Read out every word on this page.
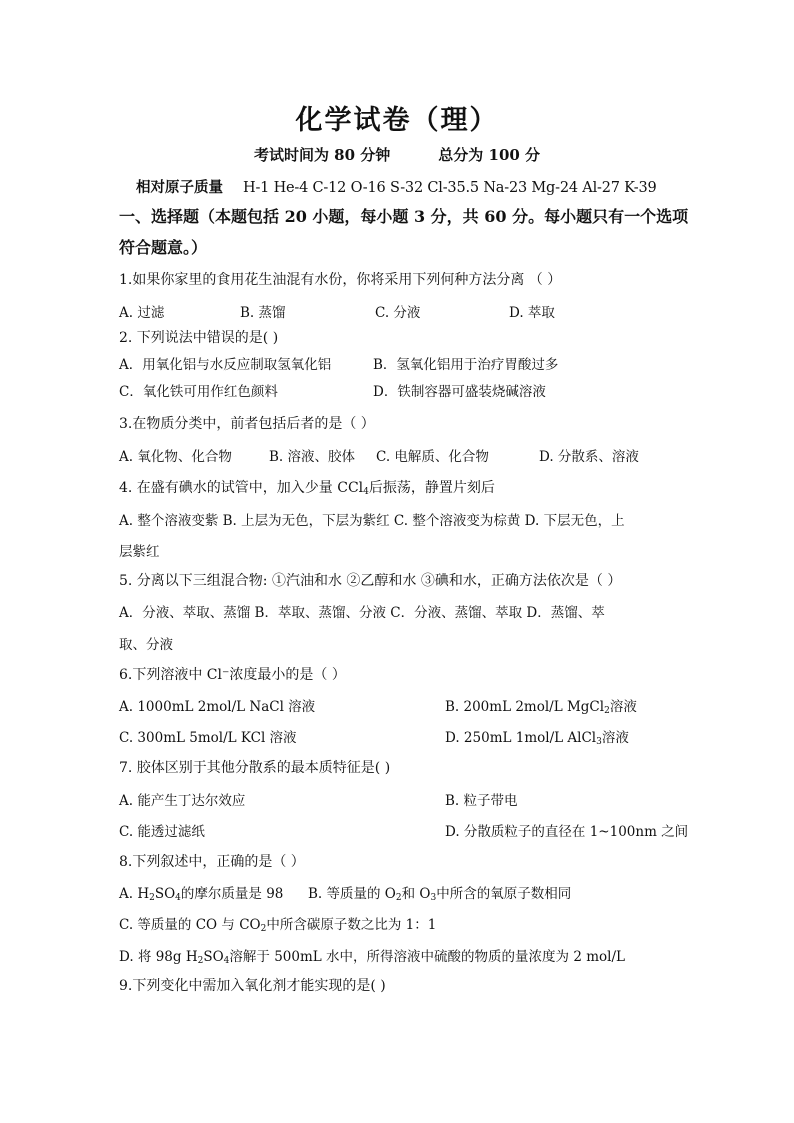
化学试卷（理）
考试时间为 80 分钟	总分为 100 分
相对原子质量 H-1 He-4 C-12 O-16 S-32 Cl-35.5 Na-23 Mg-24 Al-27 K-39
一、选择题（本题包括 20 小题，每小题 3 分，共 60 分。每小题只有一个选项
符合题意。）
1.如果你家里的食用花生油混有水份，你将采用下列何种方法分离 （ ）
A. 过滤	B. 蒸馏	C. 分液	D. 萃取
2. 下列说法中错误的是( )
A．用氧化铝与水反应制取氢氧化铝	B．氢氧化铝用于治疗胃酸过多
C．氧化铁可用作红色颜料	D．铁制容器可盛装烧碱溶液
3.在物质分类中，前者包括后者的是（ ）
A. 氧化物、化合物	B. 溶液、胶体 C. 电解质、化合物	D. 分散系、溶液
4. 在盛有碘水的试管中，加入少量 CCl$_4$后振荡，静置片刻后
A. 整个溶液变紫 B. 上层为无色，下层为紫红 C. 整个溶液变为棕黄 D. 下层无色，上
层紫红
5. 分离以下三组混合物: ①汽油和水 ②乙醇和水 ③碘和水，正确方法依次是（ ）
A．分液、萃取、蒸馏 B．萃取、蒸馏、分液 C．分液、蒸馏、萃取 D．蒸馏、萃
取、分液
6.下列溶液中 Cl⁻浓度最小的是（ ）
A. 1000mL 2mol/L NaCl 溶液	B. 200mL 2mol/L MgCl$_2$溶液
C. 300mL 5mol/L KCl 溶液	D. 250mL 1mol/L AlCl$_3$溶液
7. 胶体区别于其他分散系的最本质特征是( )
A. 能产生丁达尔效应	B. 粒子带电
C. 能透过滤纸	D. 分散质粒子的直径在 1~100nm 之间
8.下列叙述中，正确的是（ ）
A. $H_2SO_4$的摩尔质量是 98 B. 等质量的 $O_2$和 $O_3$中所含的氧原子数相同
C. 等质量的 CO 与 $CO_2$中所含碳原子数之比为 1：1
D. 将 98g $H_2SO_4$溶解于 500mL 水中，所得溶液中硫酸的物质的量浓度为 2 mol/L
9.下列变化中需加入氧化剂才能实现的是( )
